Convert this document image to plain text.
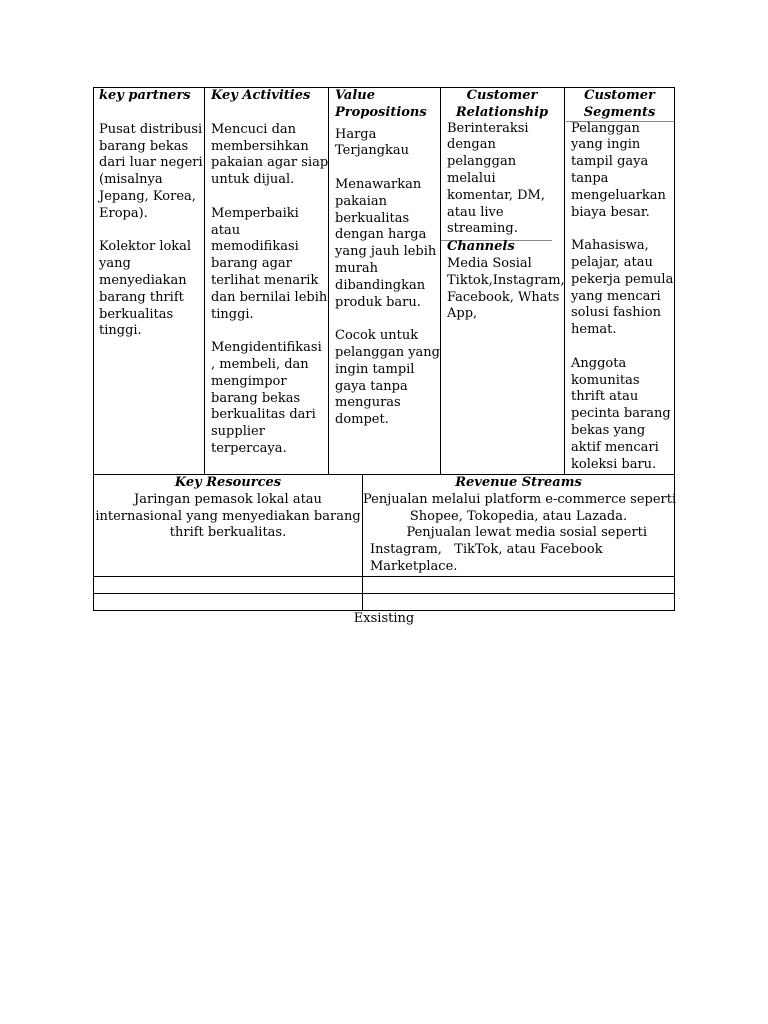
key partners
Pusat distribusi
barang bekas
dari luar negeri
(misalnya
Jepang, Korea,
Eropa).

Kolektor lokal
yang
menyediakan
barang thrift
berkualitas
tinggi.
Key Activities
Mencuci dan
membersihkan
pakaian agar siap
untuk dijual.

Memperbaiki
atau
memodifikasi
barang agar
terlihat menarik
dan bernilai lebih
tinggi.

Mengidentifikasi
, membeli, dan
mengimpor
barang bekas
berkualitas dari
supplier
terpercaya.
Value
Propositions
Harga
Terjangkau

Menawarkan
pakaian
berkualitas
dengan harga
yang jauh lebih
murah
dibandingkan
produk baru.

Cocok untuk
pelanggan yang
ingin tampil
gaya tanpa
menguras
dompet.
Customer
Relationship
Berinteraksi
dengan
pelanggan
melalui
komentar, DM,
atau live
streaming.
Channels
Media Sosial
Tiktok,Instagram,
Facebook, Whats
App,
Customer
Segments
Pelanggan
yang ingin
tampil gaya
tanpa
mengeluarkan
biaya besar.

Mahasiswa,
pelajar, atau
pekerja pemula
yang mencari
solusi fashion
hemat.

Anggota
komunitas
thrift atau
pecinta barang
bekas yang
aktif mencari
koleksi baru.
Key Resources
Jaringan pemasok lokal atau
internasional yang menyediakan barang
thrift berkualitas.
Revenue Streams
Penjualan melalui platform e-commerce seperti
Shopee, Tokopedia, atau Lazada.
Penjualan lewat media sosial seperti
Instagram,   TikTok, atau Facebook
Marketplace.
Exsisting
